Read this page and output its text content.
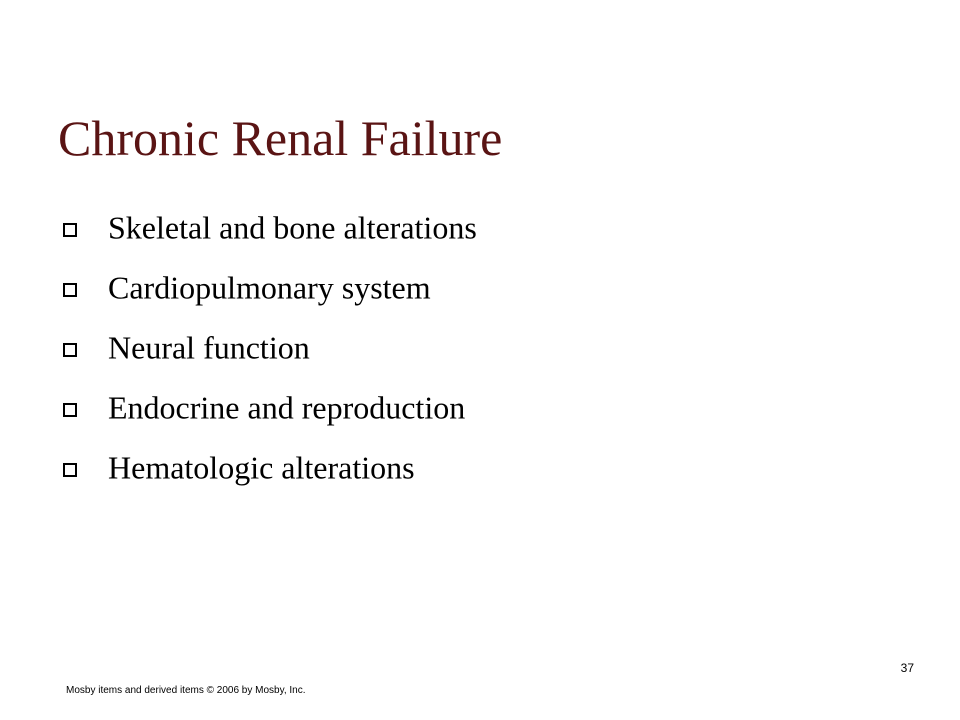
Chronic Renal Failure
Skeletal and bone alterations
Cardiopulmonary system
Neural function
Endocrine and reproduction
Hematologic alterations
37
Mosby items and derived items © 2006 by Mosby, Inc.
